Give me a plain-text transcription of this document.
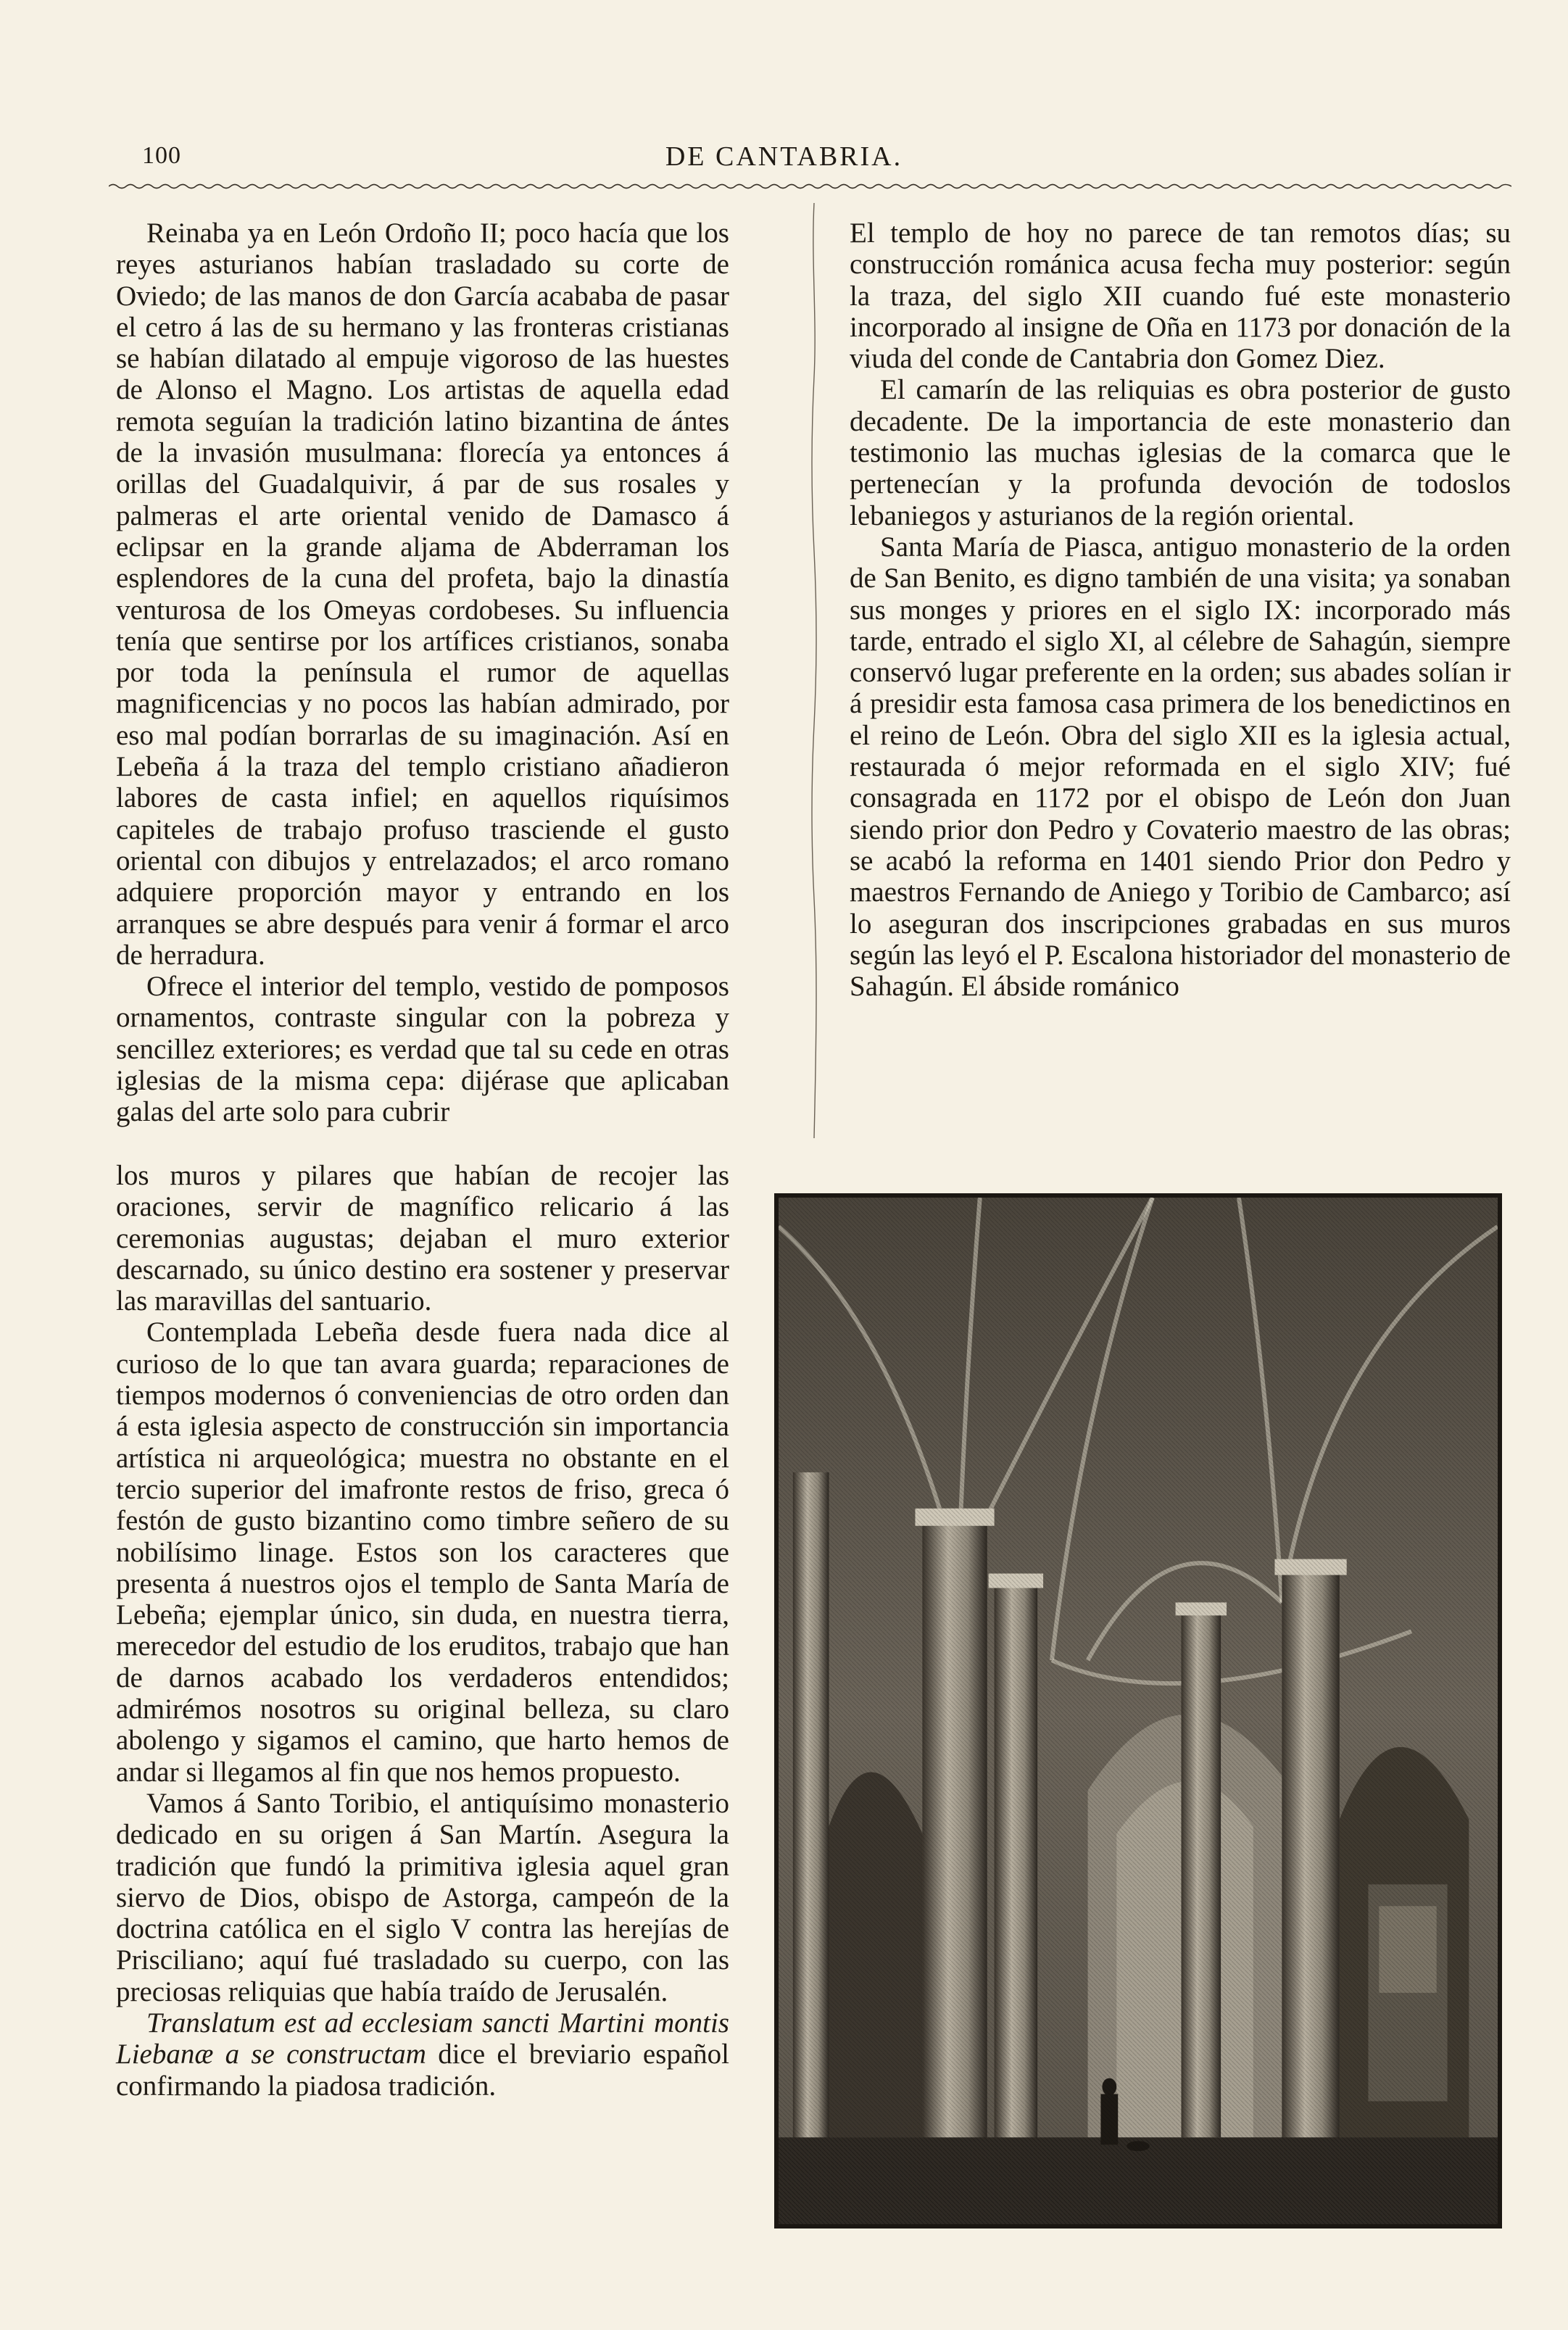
100	DE CANTABRIA.

Reinaba ya en León Ordoño II; poco hacía que los reyes asturianos habían trasladado su corte de Oviedo; de las manos de don García acababa de pasar el cetro á las de su hermano y las fronteras cristianas se habían dilatado al empuje vigoroso de las huestes de Alonso el Magno. Los artistas de aquella edad remota seguían la tradición latino bizantina de ántes de la invasión musulmana: florecía ya entonces á orillas del Guadalquivir, á par de sus rosales y palmeras el arte oriental venido de Damasco á eclipsar en la grande aljama de Abderraman los esplendores de la cuna del profeta, bajo la dinastía venturosa de los Omeyas cordobeses. Su influencia tenía que sentirse por los artífices cristianos, sonaba por toda la península el rumor de aquellas magnificencias y no pocos las habían admirado, por eso mal podían borrarlas de su imaginación. Así en Lebeña á la traza del templo cristiano añadieron labores de casta infiel; en aquellos riquísimos capiteles de trabajo profuso trasciende el gusto oriental con dibujos y entrelazados; el arco romano adquiere proporción mayor y entrando en los arranques se abre después para venir á formar el arco de herradura.

Ofrece el interior del templo, vestido de pomposos ornamentos, contraste singular con la pobreza y sencillez exteriores; es verdad que tal su cede en otras iglesias de la misma cepa: dijérase que aplicaban galas del arte solo para cubrir

los muros y pilares que habían de recojer las oraciones, servir de magnífico relicario á las ceremonias augustas; dejaban el muro exterior descarnado, su único destino era sostener y preservar las maravillas del santuario.

Contemplada Lebeña desde fuera nada dice al curioso de lo que tan avara guarda; reparaciones de tiempos modernos ó conveniencias de otro orden dan á esta iglesia aspecto de construcción sin importancia artística ni arqueológica; muestra no obstante en el tercio superior del imafronte restos de friso, greca ó festón de gusto bizantino como timbre señero de su nobilísimo linage. Estos son los caracteres que presenta á nuestros ojos el templo de Santa María de Lebeña; ejemplar único, sin duda, en nuestra tierra, merecedor del estudio de los eruditos, trabajo que han de darnos acabado los verdaderos entendidos; admirémos nosotros su original belleza, su claro abolengo y sigamos el camino, que harto hemos de andar si llegamos al fin que nos hemos propuesto.

Vamos á Santo Toribio, el antiquísimo monasterio dedicado en su origen á San Martín. Asegura la tradición que fundó la primitiva iglesia aquel gran siervo de Dios, obispo de Astorga, campeón de la doctrina católica en el siglo V contra las herejías de Prisciliano; aquí fué trasladado su cuerpo, con las preciosas reliquias que había traído de Jerusalén.

Translatum est ad ecclesiam sancti Martini montis Liebanæ a se constructam dice el breviario español confirmando la piadosa tradición.

El templo de hoy no parece de tan remotos días; su construcción románica acusa fecha muy posterior: según la traza, del siglo XII cuando fué este monasterio incorporado al insigne de Oña en 1173 por donación de la viuda del conde de Cantabria don Gomez Diez.

El camarín de las reliquias es obra posterior de gusto decadente. De la importancia de este monasterio dan testimonio las muchas iglesias de la comarca que le pertenecían y la profunda devoción de todoslos lebaniegos y asturianos de la región oriental.

Santa María de Piasca, antiguo monasterio de la orden de San Benito, es digno también de una visita; ya sonaban sus monges y priores en el siglo IX: incorporado más tarde, entrado el siglo XI, al célebre de Sahagún, siempre conservó lugar preferente en la orden; sus abades solían ir á presidir esta famosa casa primera de los benedictinos en el reino de León. Obra del siglo XII es la iglesia actual, restaurada ó mejor reformada en el siglo XIV; fué consagrada en 1172 por el obispo de León don Juan siendo prior don Pedro y Covaterio maestro de las obras; se acabó la reforma en 1401 siendo Prior don Pedro y maestros Fernando de Aniego y Toribio de Cambarco; así lo aseguran dos inscripciones grabadas en sus muros según las leyó el P. Escalona historiador del monasterio de Sahagún. El ábside románico
